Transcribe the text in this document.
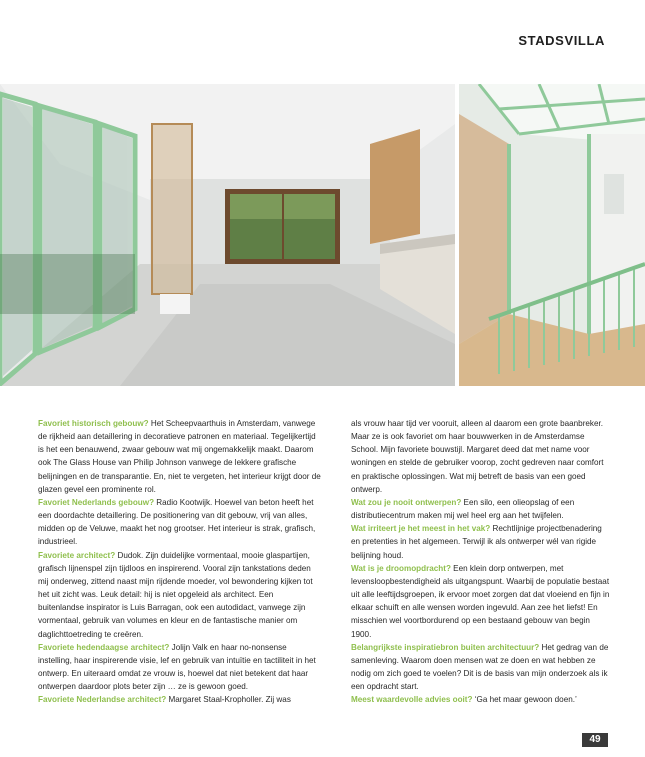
STADSVILLA

Favoriet historisch gebouw? Het Scheepvaarthuis in Amsterdam, vanwege de rijkheid aan detaillering in decoratieve patronen en materiaal. Tegelijkertijd is het een benauwend, zwaar gebouw wat mij ongemakkelijk maakt. Daarom ook The Glass House van Philip Johnson vanwege de lekkere grafische belijningen en de transparantie. En, niet te vergeten, het interieur krijgt door de glazen gevel een prominente rol.

Favoriet Nederlands gebouw? Radio Kootwijk. Hoewel van beton heeft het een doordachte detaillering. De positionering van dit gebouw, vrij van alles, midden op de Veluwe, maakt het nog grootser. Het interieur is strak, grafisch, industrieel.

Favoriete architect? Dudok. Zijn duidelijke vormentaal, mooie glaspartijen, grafisch lijnenspel zijn tijdloos en inspirerend. Vooral zijn tankstations deden mij onderweg, zittend naast mijn rijdende moeder, vol bewondering kijken tot het uit zicht was. Leuk detail: hij is niet opgeleid als architect. Een buitenlandse inspirator is Luis Barragan, ook een autodidact, vanwege zijn vormentaal, gebruik van volumes en kleur en de fantastische manier om daglichttoetreding te creëren.

Favoriete hedendaagse architect? Jolijn Valk en haar no-nonsense instelling, haar inspirerende visie, lef en gebruik van intuïtie en tactiliteit in het ontwerp. En uiteraard omdat ze vrouw is, hoewel dat niet betekent dat haar ontwerpen daardoor plots beter zijn … ze is gewoon goed.

Favoriete Nederlandse architect? Margaret Staal-Kropholler. Zij was

als vrouw haar tijd ver vooruit, alleen al daarom een grote baanbreker. Maar ze is ook favoriet om haar bouwwerken in de Amsterdamse School. Mijn favoriete bouwstijl. Margaret deed dat met name voor woningen en stelde de gebruiker voorop, zocht gedreven naar comfort en praktische oplossingen. Wat mij betreft de basis van een goed ontwerp.

Wat zou je nooit ontwerpen? Een silo, een olieopslag of een distributiecentrum maken mij wel heel erg aan het twijfelen.

Wat irriteert je het meest in het vak? Rechtlijnige projectbenadering en pretenties in het algemeen. Terwijl ik als ontwerper wél van rigide belijning houd.

Wat is je droomopdracht? Een klein dorp ontwerpen, met levensloopbestendigheid als uitgangspunt. Waarbij de populatie bestaat uit alle leeftijdsgroepen, ik ervoor moet zorgen dat dat vloeiend en fijn in elkaar schuift en alle wensen worden ingevuld. Aan zee het liefst! En misschien wel voortbordurend op een bestaand gebouw van begin 1900.

Belangrijkste inspiratiebron buiten architectuur? Het gedrag van de samenleving. Waarom doen mensen wat ze doen en wat hebben ze nodig om zich goed te voelen? Dit is de basis van mijn onderzoek als ik een opdracht start.

Meest waardevolle advies ooit? ‘Ga het maar gewoon doen.’

49
